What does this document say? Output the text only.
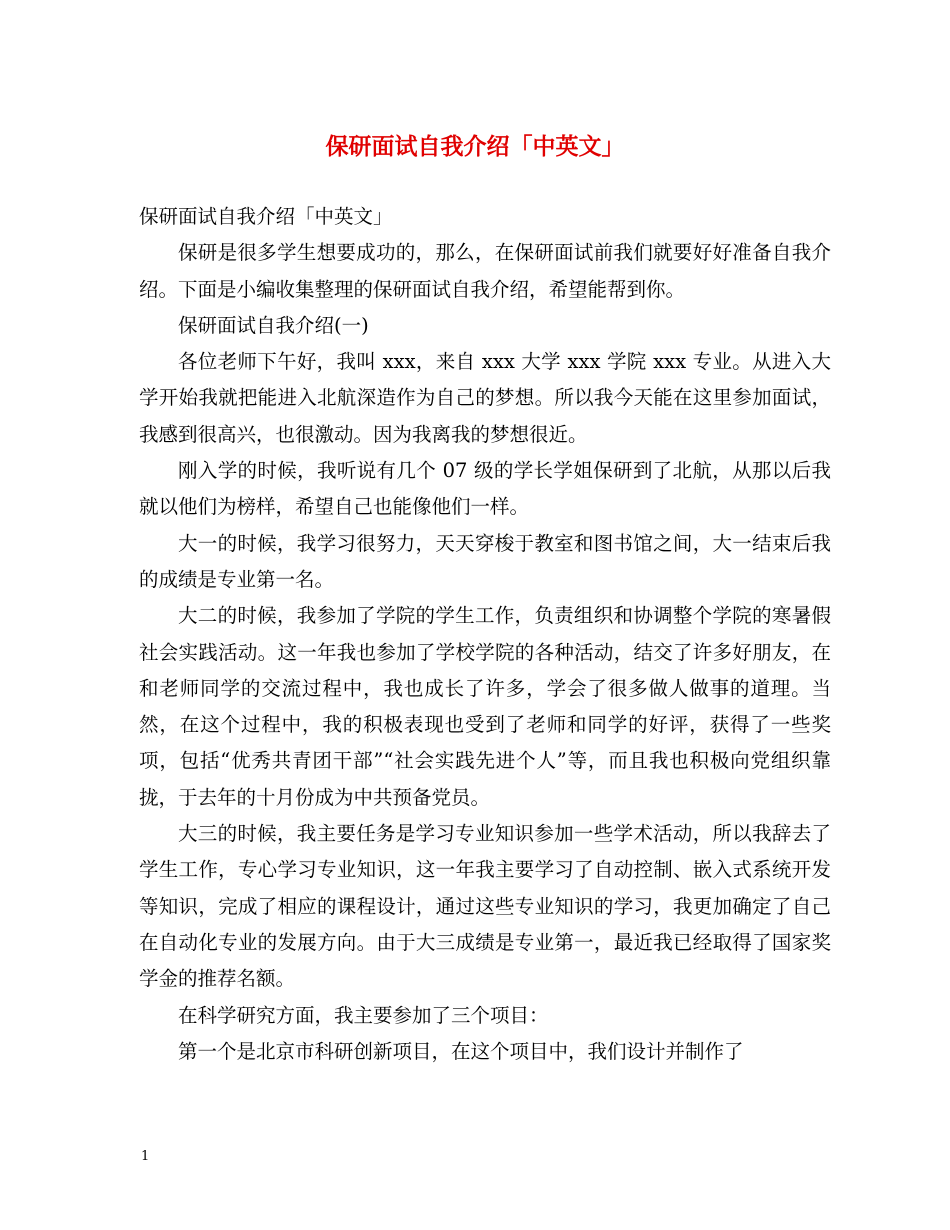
保研面试自我介绍「中英文」

保研面试自我介绍「中英文」

保研是很多学生想要成功的，那么，在保研面试前我们就要好好准备自我介绍。下面是小编收集整理的保研面试自我介绍，希望能帮到你。

保研面试自我介绍(一)

各位老师下午好，我叫 xxx，来自 xxx 大学 xxx 学院 xxx 专业。从进入大学开始我就把能进入北航深造作为自己的梦想。所以我今天能在这里参加面试，我感到很高兴，也很激动。因为我离我的梦想很近。

刚入学的时候，我听说有几个 07 级的学长学姐保研到了北航，从那以后我就以他们为榜样，希望自己也能像他们一样。

大一的时候，我学习很努力，天天穿梭于教室和图书馆之间，大一结束后我的成绩是专业第一名。

大二的时候，我参加了学院的学生工作，负责组织和协调整个学院的寒暑假社会实践活动。这一年我也参加了学校学院的各种活动，结交了许多好朋友，在和老师同学的交流过程中，我也成长了许多，学会了很多做人做事的道理。当然，在这个过程中，我的积极表现也受到了老师和同学的好评，获得了一些奖项，包括“优秀共青团干部”“社会实践先进个人”等，而且我也积极向党组织靠拢，于去年的十月份成为中共预备党员。

大三的时候，我主要任务是学习专业知识参加一些学术活动，所以我辞去了学生工作，专心学习专业知识，这一年我主要学习了自动控制、嵌入式系统开发等知识，完成了相应的课程设计，通过这些专业知识的学习，我更加确定了自己在自动化专业的发展方向。由于大三成绩是专业第一，最近我已经取得了国家奖学金的推荐名额。

在科学研究方面，我主要参加了三个项目：

第一个是北京市科研创新项目，在这个项目中，我们设计并制作了

1
